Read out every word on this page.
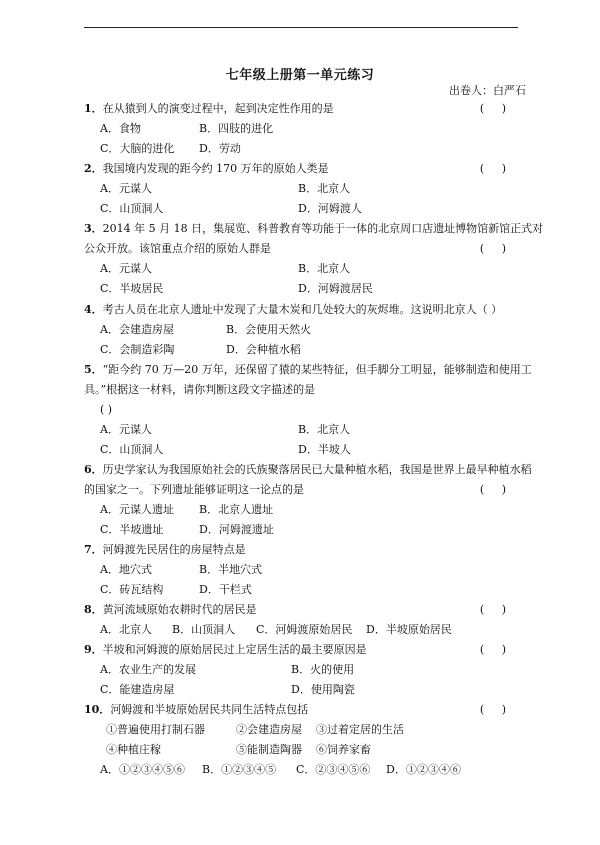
七年级上册第一单元练习
出卷人：白严石
1．在从猿到人的演变过程中，起到决定性作用的是	(     )
A．食物	B．四肢的进化
C．大脑的进化 D．劳动
2．我国境内发现的距今约 170 万年的原始人类是	(     )
A．元谋人	B．北京人
C．山顶洞人	D．河姆渡人
3．2014 年 5 月 18 日，集展览、科普教育等功能于一体的北京周口店遗址博物馆新馆正式对
公众开放。该馆重点介绍的原始人群是	(     )
A．元谋人	B．北京人
C．半坡居民	D．河姆渡居民
4．考古人员在北京人遗址中发现了大量木炭和几处较大的灰烬堆。这说明北京人（ ）
A．会建造房屋	B．会使用天然火
C．会制造彩陶	D．会种植水稻
5．“距今约 70 万—20 万年，还保留了猿的某些特征，但手脚分工明显，能够制造和使用工
具。”根据这一材料，请你判断这段文字描述的是
( )
A．元谋人	B．北京人
C．山顶洞人	D．半坡人
6．历史学家认为我国原始社会的氏族聚落居民已大量种植水稻，我国是世界上最早种植水稻
的国家之一。下列遗址能够证明这一论点的是	(     )
A．元谋人遗址 B．北京人遗址
C．半坡遗址	D．河姆渡遗址
7．河姆渡先民居住的房屋特点是
A．地穴式	B．半地穴式
C．砖瓦结构	D．干栏式
8．黄河流域原始农耕时代的居民是	(     )
A．北京人 B．山顶洞人 C．河姆渡原始居民 D．半坡原始居民
9．半坡和河姆渡的原始居民过上定居生活的最主要原因是	(     )
A．农业生产的发展	B．火的使用
C．能建造房屋	D．使用陶瓷
10．河姆渡和半坡原始居民共同生活特点包括	(     )
①普遍使用打制石器	②会建造房屋 ③过着定居的生活
④种植庄稼	⑤能制造陶器 ⑥饲养家畜
A．①②③④⑤⑥ B．①②③④⑤ C．②③④⑤⑥ D．①②③④⑥
